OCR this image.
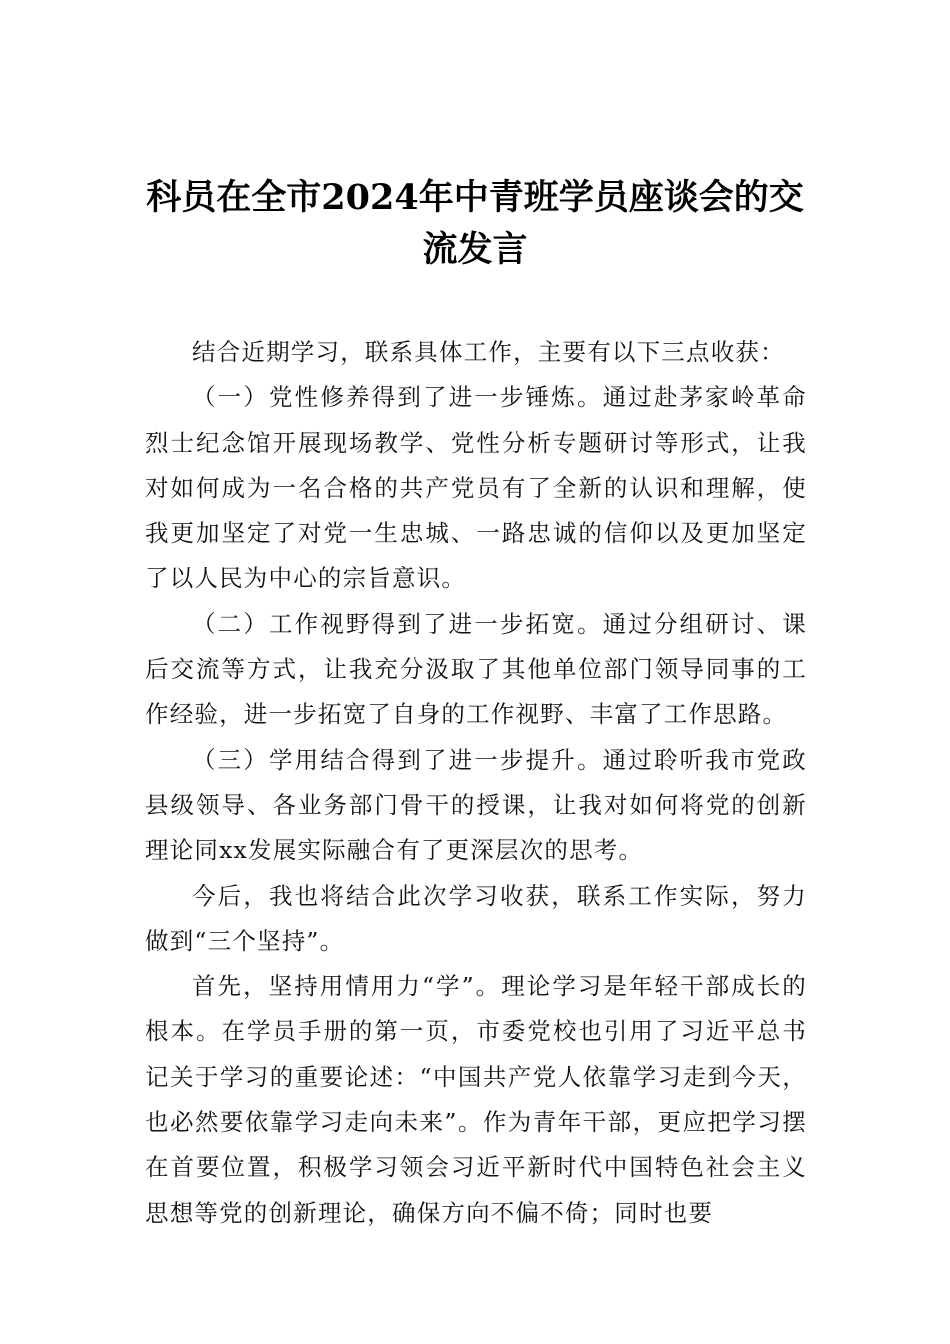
科员在全市2024年中青班学员座谈会的交流发言

结合近期学习，联系具体工作，主要有以下三点收获：

（一）党性修养得到了进一步锤炼。通过赴茅家岭革命烈士纪念馆开展现场教学、党性分析专题研讨等形式，让我对如何成为一名合格的共产党员有了全新的认识和理解，使我更加坚定了对党一生忠城、一路忠诚的信仰以及更加坚定了以人民为中心的宗旨意识。

（二）工作视野得到了进一步拓宽。通过分组研讨、课后交流等方式，让我充分汲取了其他单位部门领导同事的工作经验，进一步拓宽了自身的工作视野、丰富了工作思路。

（三）学用结合得到了进一步提升。通过聆听我市党政县级领导、各业务部门骨干的授课，让我对如何将党的创新理论同xx发展实际融合有了更深层次的思考。

今后，我也将结合此次学习收获，联系工作实际，努力做到“三个坚持”。

首先，坚持用情用力“学”。理论学习是年轻干部成长的根本。在学员手册的第一页，市委党校也引用了习近平总书记关于学习的重要论述：“中国共产党人依靠学习走到今天，也必然要依靠学习走向未来”。作为青年干部，更应把学习摆在首要位置，积极学习领会习近平新时代中国特色社会主义思想等党的创新理论，确保方向不偏不倚；同时也要
